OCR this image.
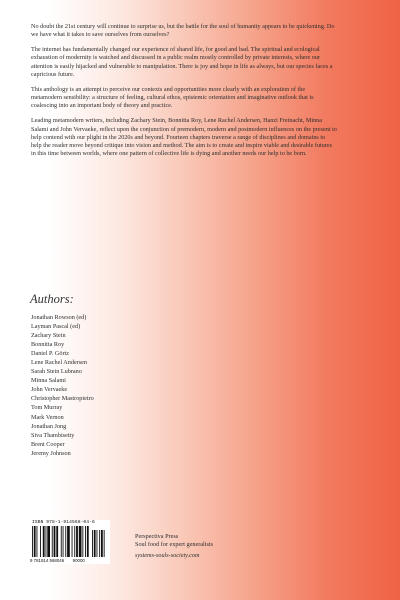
No doubt the 21st century will continue to surprise us, but the battle for the soul of humanity appears to be quickening. Do we have what it takes to save ourselves from ourselves?

The internet has fundamentally changed our experience of shared life, for good and bad. The spiritual and ecological exhaustion of modernity is watched and discussed in a public realm mostly controlled by private interests, where our attention is easily hijacked and vulnerable to manipulation. There is joy and hope in life as always, but our species faces a capricious future.

This anthology is an attempt to perceive our contexts and opportunities more clearly with an exploration of the metamodern sensibility: a structure of feeling, cultural ethos, epistemic orientation and imaginative outlook that is coalescing into an important body of theory and practice.

Leading metamodern writers, including Zachary Stein, Bonnitta Roy, Lene Rachel Andersen, Hanzi Freinacht, Minna Salami and John Vervaeke, reflect upon the conjunction of premodern, modern and postmodern influences on the present to help contend with our plight in the 2020s and beyond. Fourteen chapters traverse a range of disciplines and domains to help the reader move beyond critique into vision and method. The aim is to create and inspire viable and desirable futures in this time between worlds, where one pattern of collective life is dying and another needs our help to be born.

Authors:
Jonathan Rowson (ed)
Layman Pascal (ed)
Zachary Stein
Bonnitta Roy
Daniel P. Görtz
Lene Rachel Andersen
Sarah Stein Lubrano
Minna Salami
John Vervaeke
Christopher Mastropietro
Tom Murray
Mark Vernon
Jonathan Jong
Siva Thambisetty
Brent Cooper
Jeremy Johnson
ISBN 978-1-914568-04-6
9 781914 568046 90000
Perspectiva Press
Soul food for expert generalists
systems-souls-society.com
